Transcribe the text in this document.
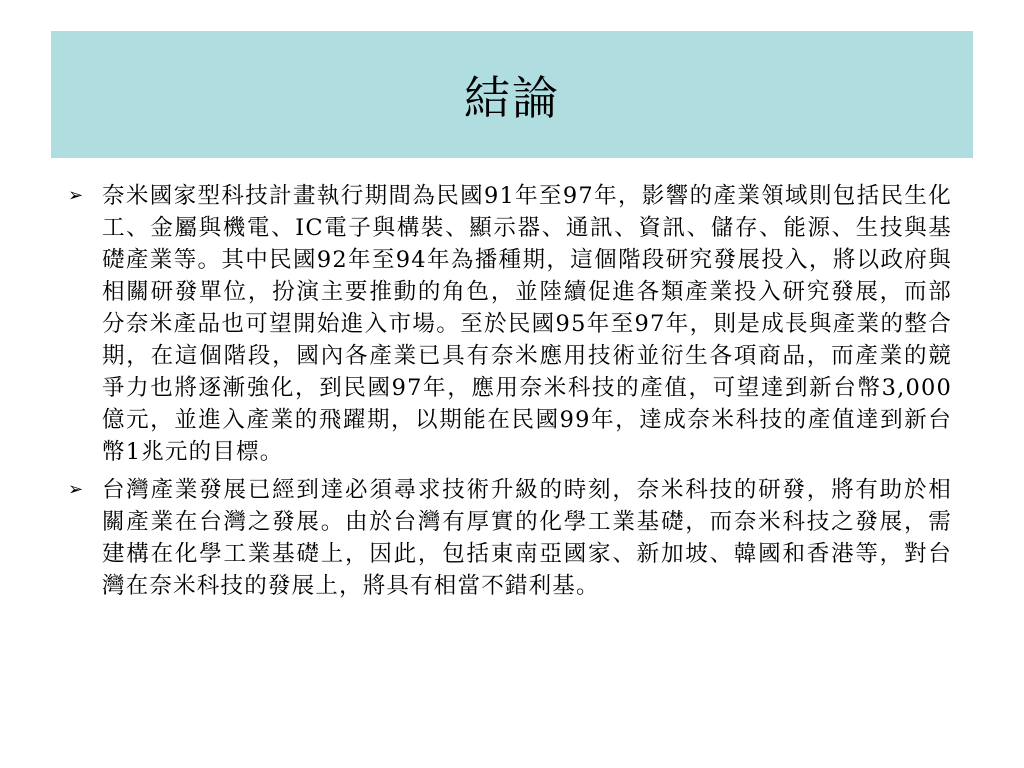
結論
➢ 奈米國家型科技計畫執行期間為民國91年至97年，影響的產業領域則包括民生化工、金屬與機電、IC電子與構裝、顯示器、通訊、資訊、儲存、能源、生技與基礎產業等。其中民國92年至94年為播種期，這個階段研究發展投入，將以政府與相關研發單位，扮演主要推動的角色，並陸續促進各類產業投入研究發展，而部分奈米產品也可望開始進入市場。至於民國95年至97年，則是成長與產業的整合期，在這個階段，國內各產業已具有奈米應用技術並衍生各項商品，而產業的競爭力也將逐漸強化，到民國97年，應用奈米科技的產值，可望達到新台幣3,000億元，並進入產業的飛躍期，以期能在民國99年，達成奈米科技的產值達到新台幣1兆元的目標。
➢ 台灣產業發展已經到達必須尋求技術升級的時刻，奈米科技的研發，將有助於相關產業在台灣之發展。由於台灣有厚實的化學工業基礎，而奈米科技之發展，需建構在化學工業基礎上，因此，包括東南亞國家、新加坡、韓國和香港等，對台灣在奈米科技的發展上，將具有相當不錯利基。
